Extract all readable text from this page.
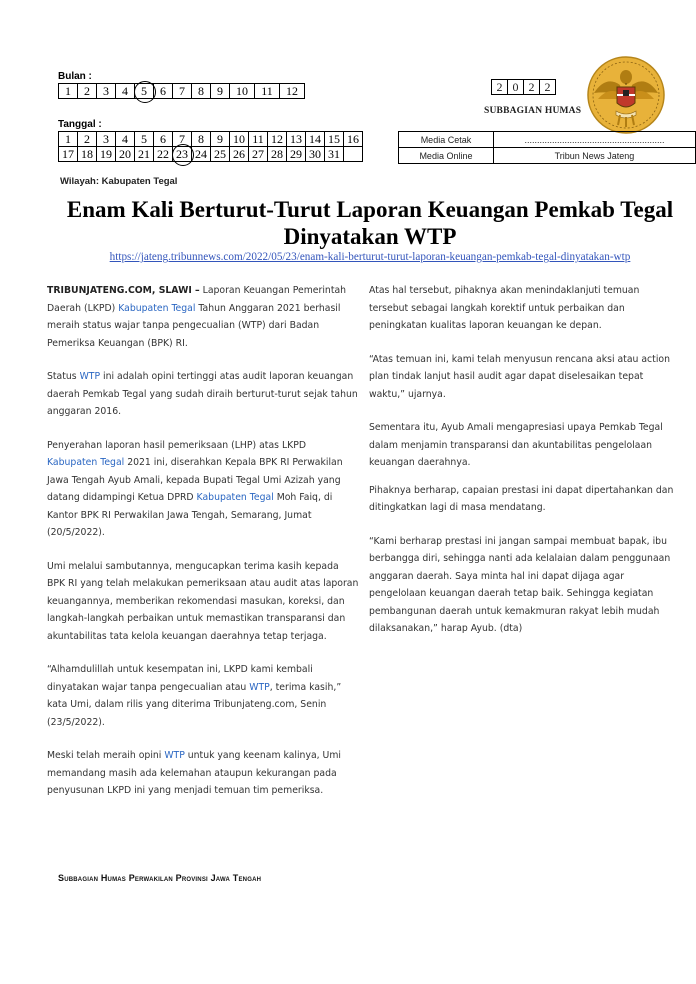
Bulan :
1	2	3	4	5	6	7	8	9	10	11	12
Tanggal :
1	2	3	4	5	6	7	8	9	10	11	12	13	14	15	16
17	18	19	20	21	22	23	24	25	26	27	28	29	30	31	
2	0	2	2
SUBBAGIAN HUMAS
Media Cetak	........................................................
Media Online	Tribun News Jateng
Wilayah: Kabupaten Tegal
Enam Kali Berturut-Turut Laporan Keuangan Pemkab Tegal Dinyatakan WTP
https://jateng.tribunnews.com/2022/05/23/enam-kali-berturut-turut-laporan-keuangan-pemkab-tegal-dinyatakan-wtp

TRIBUNJATENG.COM, SLAWI – Laporan Keuangan Pemerintah Daerah (LKPD) Kabupaten Tegal Tahun Anggaran 2021 berhasil meraih status wajar tanpa pengecualian (WTP) dari Badan Pemeriksa Keuangan (BPK) RI.

Status WTP ini adalah opini tertinggi atas audit laporan keuangan daerah Pemkab Tegal yang sudah diraih berturut-turut sejak tahun anggaran 2016.

Penyerahan laporan hasil pemeriksaan (LHP) atas LKPD Kabupaten Tegal 2021 ini, diserahkan Kepala BPK RI Perwakilan Jawa Tengah Ayub Amali, kepada Bupati Tegal Umi Azizah yang datang didampingi Ketua DPRD Kabupaten Tegal Moh Faiq, di Kantor BPK RI Perwakilan Jawa Tengah, Semarang, Jumat (20/5/2022).

Umi melalui sambutannya, mengucapkan terima kasih kepada BPK RI yang telah melakukan pemeriksaan atau audit atas laporan keuangannya, memberikan rekomendasi masukan, koreksi, dan langkah-langkah perbaikan untuk memastikan transparansi dan akuntabilitas tata kelola keuangan daerahnya tetap terjaga.

“Alhamdulillah untuk kesempatan ini, LKPD kami kembali dinyatakan wajar tanpa pengecualian atau WTP, terima kasih,” kata Umi, dalam rilis yang diterima Tribunjateng.com, Senin (23/5/2022).

Meski telah meraih opini WTP untuk yang keenam kalinya, Umi memandang masih ada kelemahan ataupun kekurangan pada penyusunan LKPD ini yang menjadi temuan tim pemeriksa.

Atas hal tersebut, pihaknya akan menindaklanjuti temuan tersebut sebagai langkah korektif untuk perbaikan dan peningkatan kualitas laporan keuangan ke depan.

“Atas temuan ini, kami telah menyusun rencana aksi atau action plan tindak lanjut hasil audit agar dapat diselesaikan tepat waktu,” ujarnya.

Sementara itu, Ayub Amali mengapresiasi upaya Pemkab Tegal dalam menjamin transparansi dan akuntabilitas pengelolaan keuangan daerahnya.

Pihaknya berharap, capaian prestasi ini dapat dipertahankan dan ditingkatkan lagi di masa mendatang.

“Kami berharap prestasi ini jangan sampai membuat bapak, ibu berbangga diri, sehingga nanti ada kelalaian dalam penggunaan anggaran daerah. Saya minta hal ini dapat dijaga agar pengelolaan keuangan daerah tetap baik. Sehingga kegiatan pembangunan daerah untuk kemakmuran rakyat lebih mudah dilaksanakan,” harap Ayub. (dta)

Subbagian Humas Perwakilan Provinsi Jawa Tengah
